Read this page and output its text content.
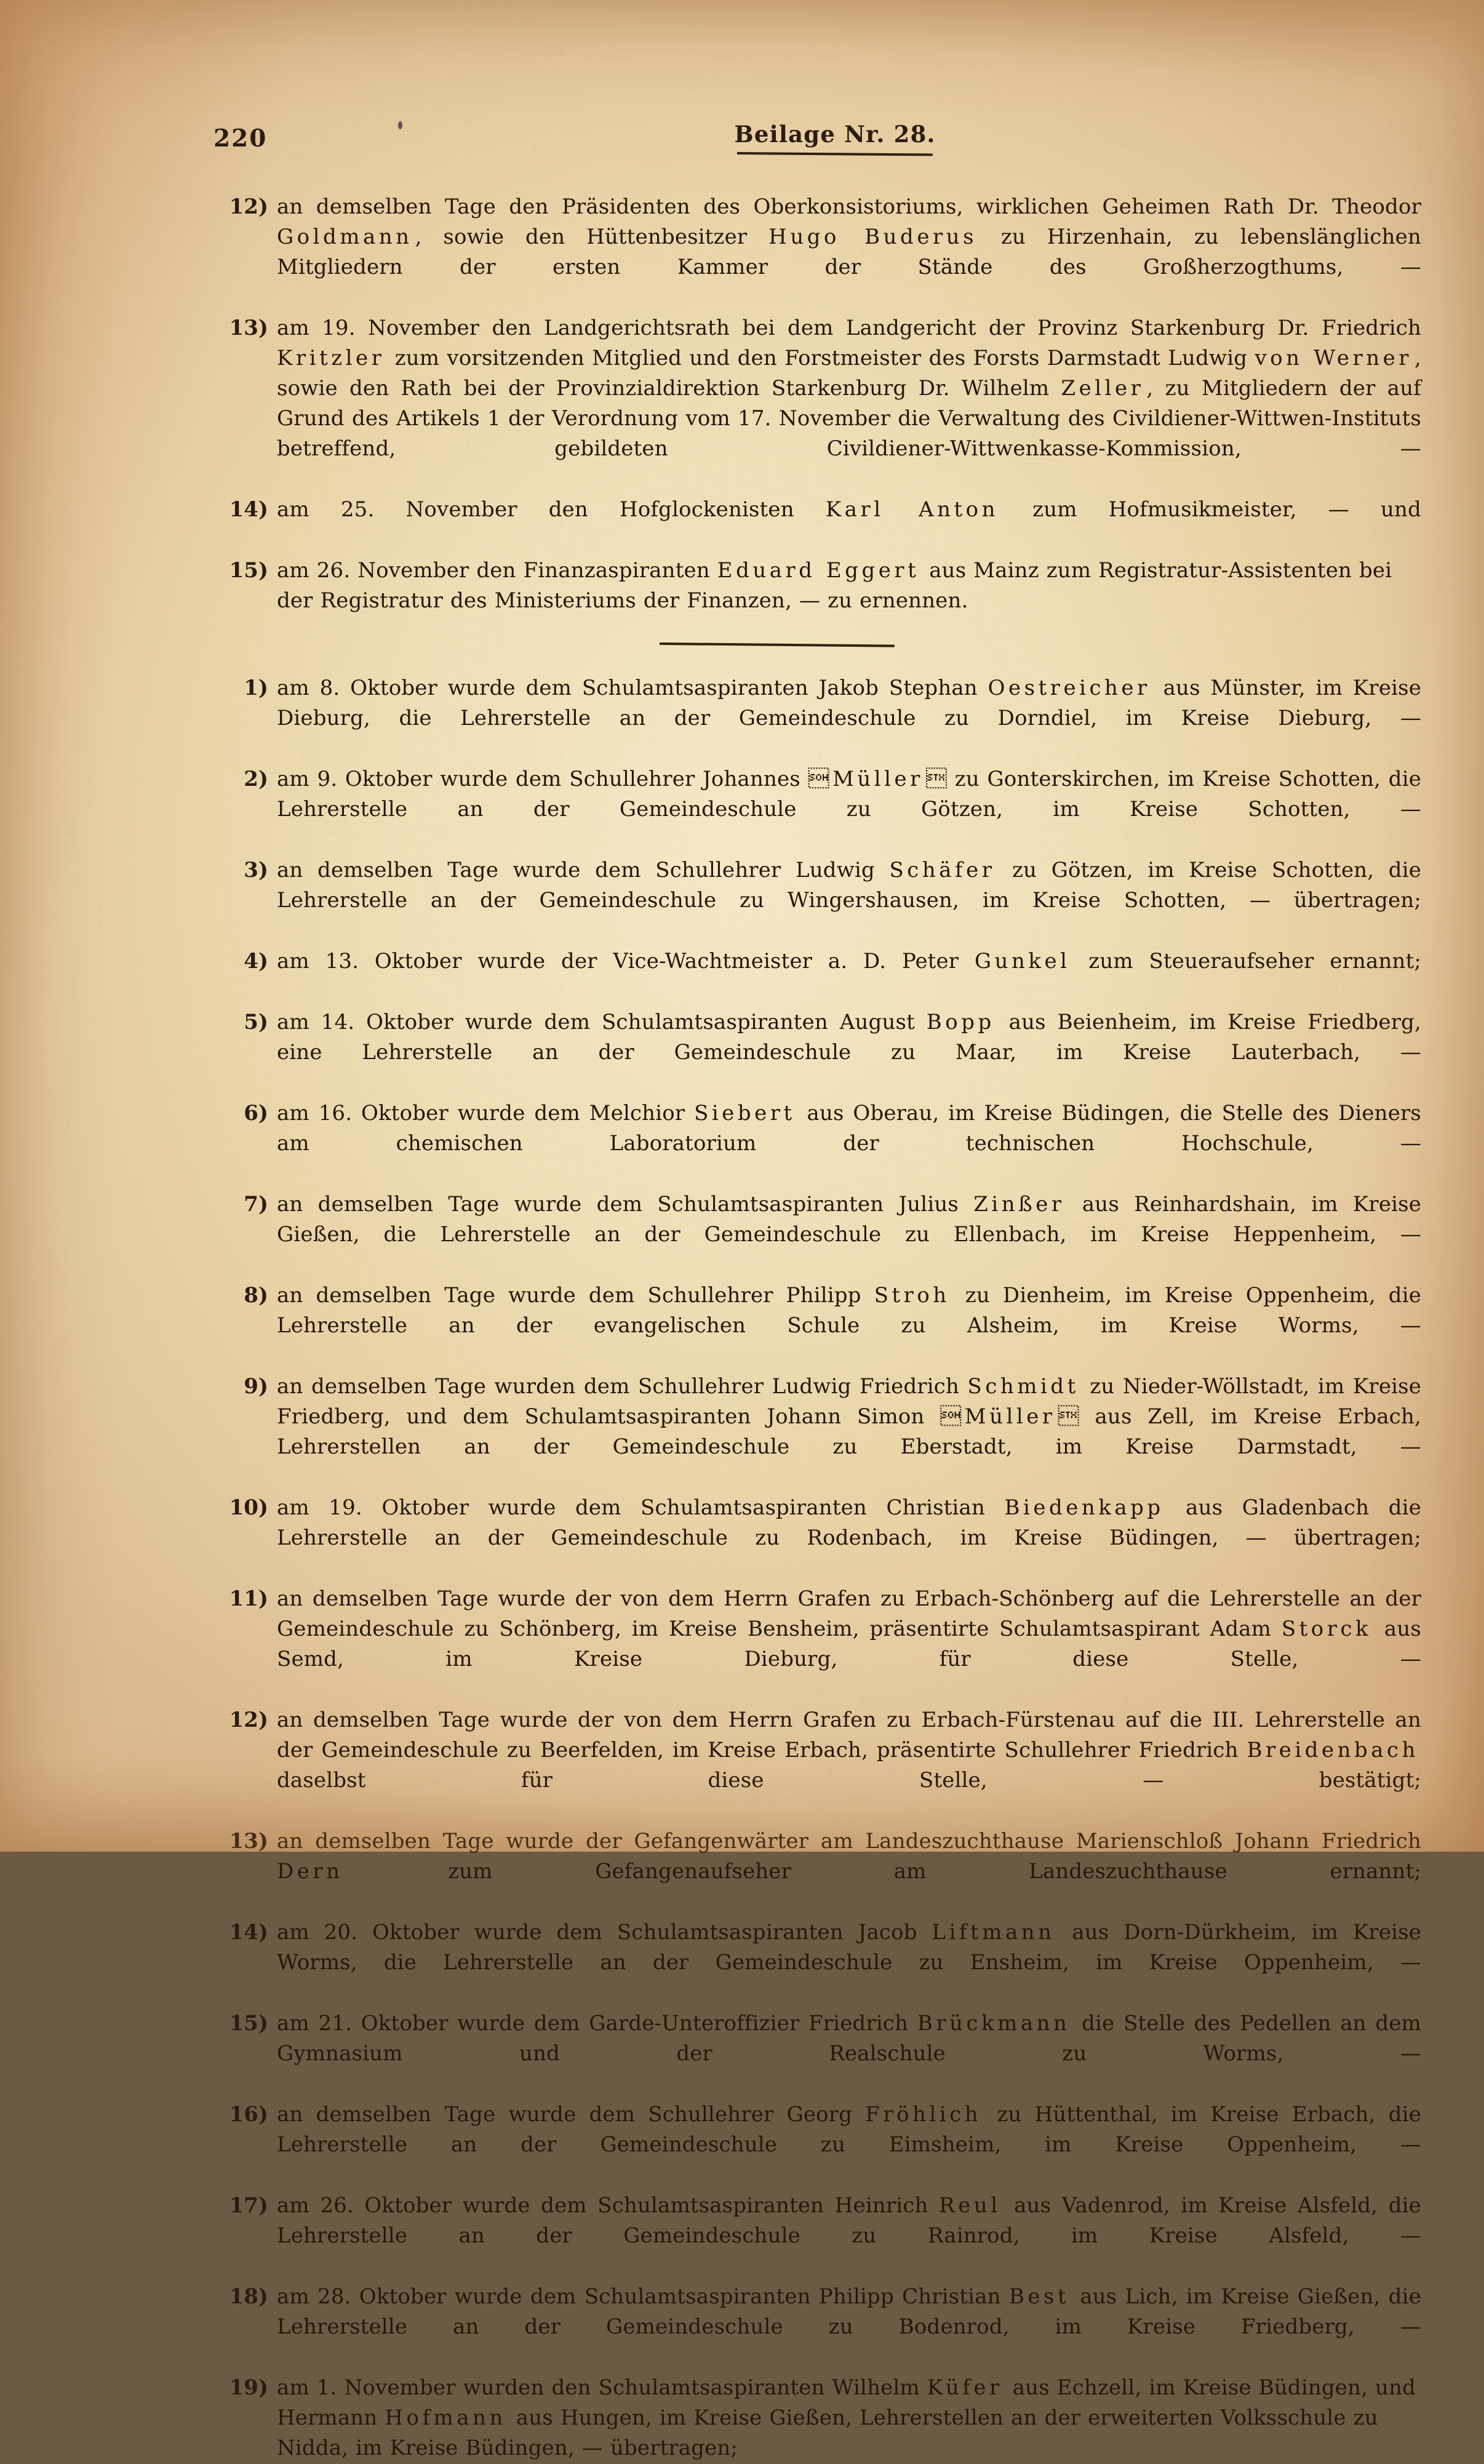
220	Beilage Nr. 28.
12) an demselben Tage den Präsidenten des Oberkonsistoriums, wirklichen Geheimen Rath Dr. Theodor Goldmann , sowie den Hüttenbesitzer Hugo Buderus zu Hirzenhain, zu lebenslänglichen Mitgliedern der ersten Kammer der Stände des Großherzogthums, —
13) am 19. November den Landgerichtsrath bei dem Landgericht der Provinz Starkenburg Dr. Friedrich Kritzler zum vorsitzenden Mitglied und den Forstmeister des Forsts Darmstadt Ludwig von Werner , sowie den Rath bei der Provinzialdirektion Starkenburg Dr. Wilhelm Zeller , zu Mitgliedern der auf Grund des Artikels 1 der Verordnung vom 17. November die Verwaltung des Civildiener-Wittwen-Instituts betreffend, gebildeten Civildiener-Wittwenkasse-Kommission, —
14) am 25. November den Hofglockenisten Karl Anton zum Hofmusikmeister, — und
15) am 26. November den Finanzaspiranten Eduard Eggert aus Mainz zum Registratur-Assistenten bei der Registratur des Ministeriums der Finanzen, — zu ernennen.
1) am 8. Oktober wurde dem Schulamtsaspiranten Jakob Stephan Oestreicher aus Münster, im Kreise Dieburg, die Lehrerstelle an der Gemeindeschule zu Dorndiel, im Kreise Dieburg, —
2) am 9. Oktober wurde dem Schullehrer Johannes Müller  zu Gonterskirchen, im Kreise Schotten, die Lehrerstelle an der Gemeindeschule zu Götzen, im Kreise Schotten, —
3) an demselben Tage wurde dem Schullehrer Ludwig Schäfer zu Götzen, im Kreise Schotten, die Lehrerstelle an der Gemeindeschule zu Wingershausen, im Kreise Schotten, — übertragen;
4) am 13. Oktober wurde der Vice-Wachtmeister a. D. Peter Gunkel zum Steueraufseher ernannt;
5) am 14. Oktober wurde dem Schulamtsaspiranten August Bopp aus Beienheim, im Kreise Friedberg, eine Lehrerstelle an der Gemeindeschule zu Maar, im Kreise Lauterbach, —
6) am 16. Oktober wurde dem Melchior Siebert aus Oberau, im Kreise Büdingen, die Stelle des Dieners am chemischen Laboratorium der technischen Hochschule, —
7) an demselben Tage wurde dem Schulamtsaspiranten Julius Zinßer aus Reinhardshain, im Kreise Gießen, die Lehrerstelle an der Gemeindeschule zu Ellenbach, im Kreise Heppenheim, —
8) an demselben Tage wurde dem Schullehrer Philipp Stroh zu Dienheim, im Kreise Oppenheim, die Lehrerstelle an der evangelischen Schule zu Alsheim, im Kreise Worms, —
9) an demselben Tage wurden dem Schullehrer Ludwig Friedrich Schmidt zu Nieder-Wöllstadt, im Kreise Friedberg, und dem Schulamtsaspiranten Johann Simon Müller  aus Zell, im Kreise Erbach, Lehrerstellen an der Gemeindeschule zu Eberstadt, im Kreise Darmstadt, —
10) am 19. Oktober wurde dem Schulamtsaspiranten Christian Biedenkapp aus Gladenbach die Lehrerstelle an der Gemeindeschule zu Rodenbach, im Kreise Büdingen, — übertragen;
11) an demselben Tage wurde der von dem Herrn Grafen zu Erbach-Schönberg auf die Lehrerstelle an der Gemeindeschule zu Schönberg, im Kreise Bensheim, präsentirte Schulamtsaspirant Adam Storck aus Semd, im Kreise Dieburg, für diese Stelle, —
12) an demselben Tage wurde der von dem Herrn Grafen zu Erbach-Fürstenau auf die III. Lehrerstelle an der Gemeindeschule zu Beerfelden, im Kreise Erbach, präsentirte Schullehrer Friedrich Breidenbach daselbst für diese Stelle, — bestätigt;
13) an demselben Tage wurde der Gefangenwärter am Landeszuchthause Marienschloß Johann Friedrich Dern zum Gefangenaufseher am Landeszuchthause ernannt;
14) am 20. Oktober wurde dem Schulamtsaspiranten Jacob Liftmann aus Dorn-Dürkheim, im Kreise Worms, die Lehrerstelle an der Gemeindeschule zu Ensheim, im Kreise Oppenheim, —
15) am 21. Oktober wurde dem Garde-Unteroffizier Friedrich Brückmann die Stelle des Pedellen an dem Gymnasium und der Realschule zu Worms, —
16) an demselben Tage wurde dem Schullehrer Georg Fröhlich zu Hüttenthal, im Kreise Erbach, die Lehrerstelle an der Gemeindeschule zu Eimsheim, im Kreise Oppenheim, —
17) am 26. Oktober wurde dem Schulamtsaspiranten Heinrich Reul aus Vadenrod, im Kreise Alsfeld, die Lehrerstelle an der Gemeindeschule zu Rainrod, im Kreise Alsfeld, —
18) am 28. Oktober wurde dem Schulamtsaspiranten Philipp Christian Best aus Lich, im Kreise Gießen, die Lehrerstelle an der Gemeindeschule zu Bodenrod, im Kreise Friedberg, —
19) am 1. November wurden den Schulamtsaspiranten Wilhelm Küfer aus Echzell, im Kreise Büdingen, und Hermann Hofmann aus Hungen, im Kreise Gießen, Lehrerstellen an der erweiterten Volksschule zu Nidda, im Kreise Büdingen, — übertragen;
